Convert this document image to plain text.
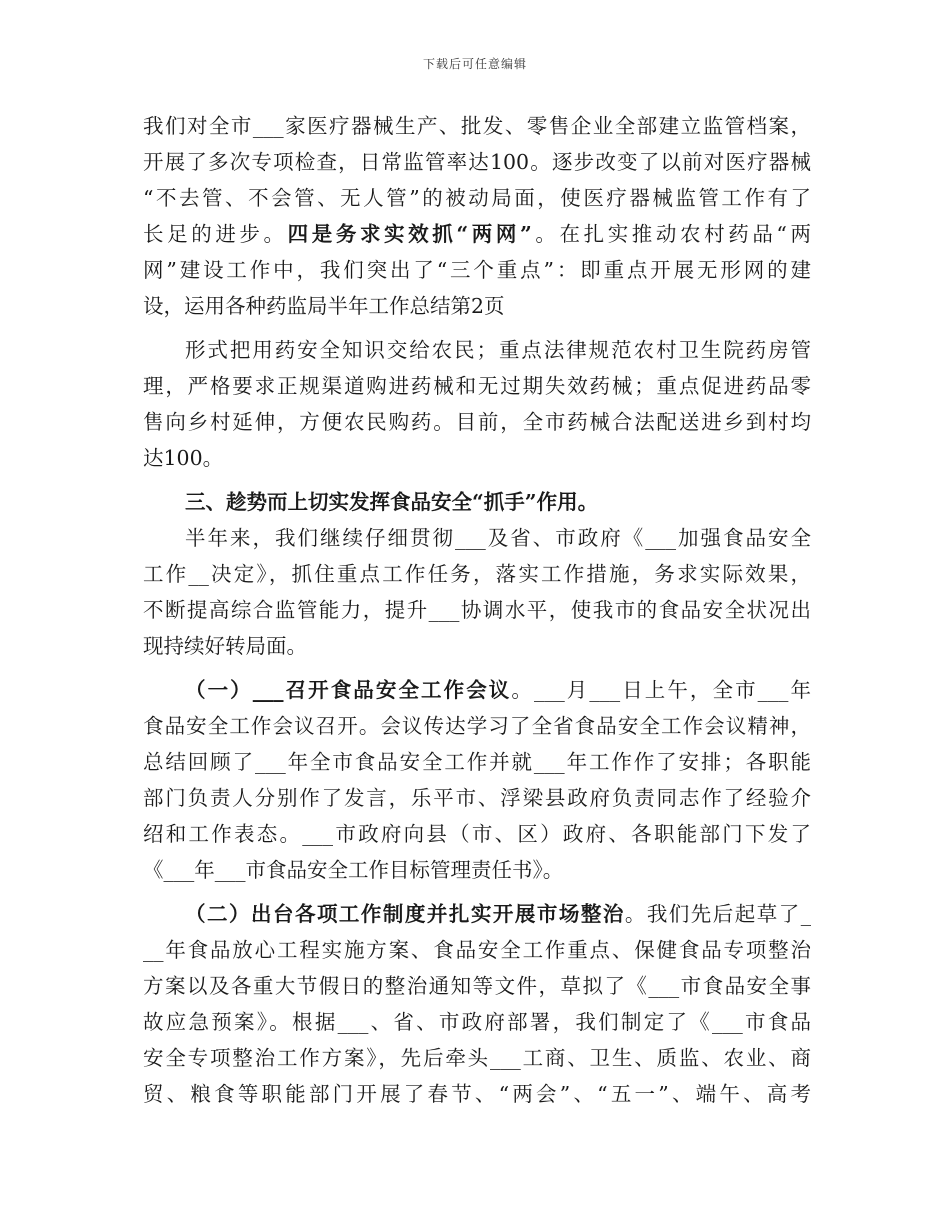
下载后可任意编辑
我们对全市___家医疗器械生产、批发、零售企业全部建立监管档案，
开展了多次专项检查，日常监管率达100。逐步改变了以前对医疗器械
“不去管、不会管、无人管”的被动局面，使医疗器械监管工作有了
长足的进步。四是务求实效抓“两网”。在扎实推动农村药品“两
网”建设工作中，我们突出了“三个重点”：即重点开展无形网的建
设，运用各种药监局半年工作总结第2页
形式把用药安全知识交给农民；重点法律规范农村卫生院药房管
理，严格要求正规渠道购进药械和无过期失效药械；重点促进药品零
售向乡村延伸，方便农民购药。目前，全市药械合法配送进乡到村均
达100。
三、趁势而上切实发挥食品安全“抓手”作用。
半年来，我们继续仔细贯彻___及省、市政府《___加强食品安全
工作__决定》，抓住重点工作任务，落实工作措施，务求实际效果，
不断提高综合监管能力，提升___协调水平，使我市的食品安全状况出
现持续好转局面。
（一）___召开食品安全工作会议。___月___日上午，全市___年
食品安全工作会议召开。会议传达学习了全省食品安全工作会议精神，
总结回顾了___年全市食品安全工作并就___年工作作了安排；各职能
部门负责人分别作了发言，乐平市、浮梁县政府负责同志作了经验介
绍和工作表态。___市政府向县（市、区）政府、各职能部门下发了
《___年___市食品安全工作目标管理责任书》。
（二）出台各项工作制度并扎实开展市场整治。我们先后起草了_
__年食品放心工程实施方案、食品安全工作重点、保健食品专项整治
方案以及各重大节假日的整治通知等文件，草拟了《___市食品安全事
故应急预案》。根据___、省、市政府部署，我们制定了《___市食品
安全专项整治工作方案》，先后牵头___工商、卫生、质监、农业、商
贸、粮食等职能部门开展了春节、“两会”、“五一”、端午、高考
